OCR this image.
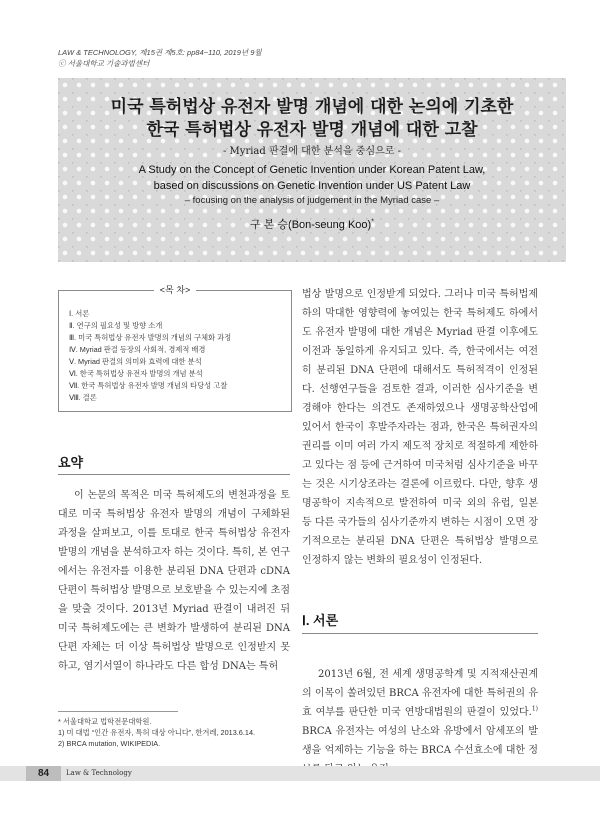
LAW & TECHNOLOGY, 제15권 제5호: pp84~110, 2019년 9월
ⓒ 서울대학교 기술과법센터
미국 특허법상 유전자 발명 개념에 대한 논의에 기초한
한국 특허법상 유전자 발명 개념에 대한 고찰
- Myriad 판결에 대한 분석을 중심으로 -
A Study on the Concept of Genetic Invention under Korean Patent Law,
based on discussions on Genetic Invention under US Patent Law
– focusing on the analysis of judgement in the Myriad case –
구 본 승(Bon-seung Koo)*
<목 차>
Ⅰ. 서론
Ⅱ. 연구의 필요성 및 방향 소개
Ⅲ. 미국 특허법상 유전자 발명의 개념의 구체화 과정
Ⅳ. Myriad 판결 등장의 사회적, 경제적 배경
Ⅴ. Myriad 판결의 의미와 효력에 대한 분석
Ⅵ. 한국 특허법상 유전자 발명의 개념 분석
Ⅶ. 한국 특허법상 유전자 발명 개념의 타당성 고찰
Ⅷ. 결론
요약

이 논문의 목적은 미국 특허제도의 변천과정을 토대로 미국 특허법상 유전자 발명의 개념이 구체화된 과정을 살펴보고, 이를 토대로 한국 특허법상 유전자 발명의 개념을 분석하고자 하는 것이다. 특히, 본 연구에서는 유전자를 이용한 분리된 DNA 단편과 cDNA 단편이 특허법상 발명으로 보호받을 수 있는지에 초점을 맞출 것이다. 2013년 Myriad 판결이 내려진 뒤 미국 특허제도에는 큰 변화가 발생하여 분리된 DNA 단편 자체는 더 이상 특허법상 발명으로 인정받지 못하고, 염기서열이 하나라도 다른 합성 DNA는 특허

법상 발명으로 인정받게 되었다. 그러나 미국 특허법제하의 막대한 영향력에 놓여있는 한국 특허제도 하에서도 유전자 발명에 대한 개념은 Myriad 판결 이후에도 이전과 동일하게 유지되고 있다. 즉, 한국에서는 여전히 분리된 DNA 단편에 대해서도 특허적격이 인정된다. 선행연구들을 검토한 결과, 이러한 심사기준을 변경해야 한다는 의견도 존재하였으나 생명공학산업에 있어서 한국이 후발주자라는 점과, 한국은 특허권자의 권리를 이미 여러 가지 제도적 장치로 적절하게 제한하고 있다는 점 등에 근거하여 미국처럼 심사기준을 바꾸는 것은 시기상조라는 결론에 이르렀다. 다만, 향후 생명공학이 지속적으로 발전하여 미국 외의 유럽, 일본 등 다른 국가들의 심사기준까지 변하는 시점이 오면 장기적으로는 분리된 DNA 단편은 특허법상 발명으로 인정하지 않는 변화의 필요성이 인정된다.

Ⅰ. 서론

2013년 6월, 전 세계 생명공학계 및 지적재산권계의 이목이 쏠려있던 BRCA 유전자에 대한 특허권의 유효 여부를 판단한 미국 연방대법원의 판결이 있었다.$^{1)}$ BRCA 유전자는 여성의 난소와 유방에서 암세포의 발생을 억제하는 기능을 하는 BRCA 수선효소에 대한 정

* 서울대학교 법학전문대학원.
1) 미 대법 “인간 유전자, 특허 대상 아니다”, 한겨레, 2013.6.14.
2) BRCA mutation, WIKIPEDIA.
84	Law & Technology
